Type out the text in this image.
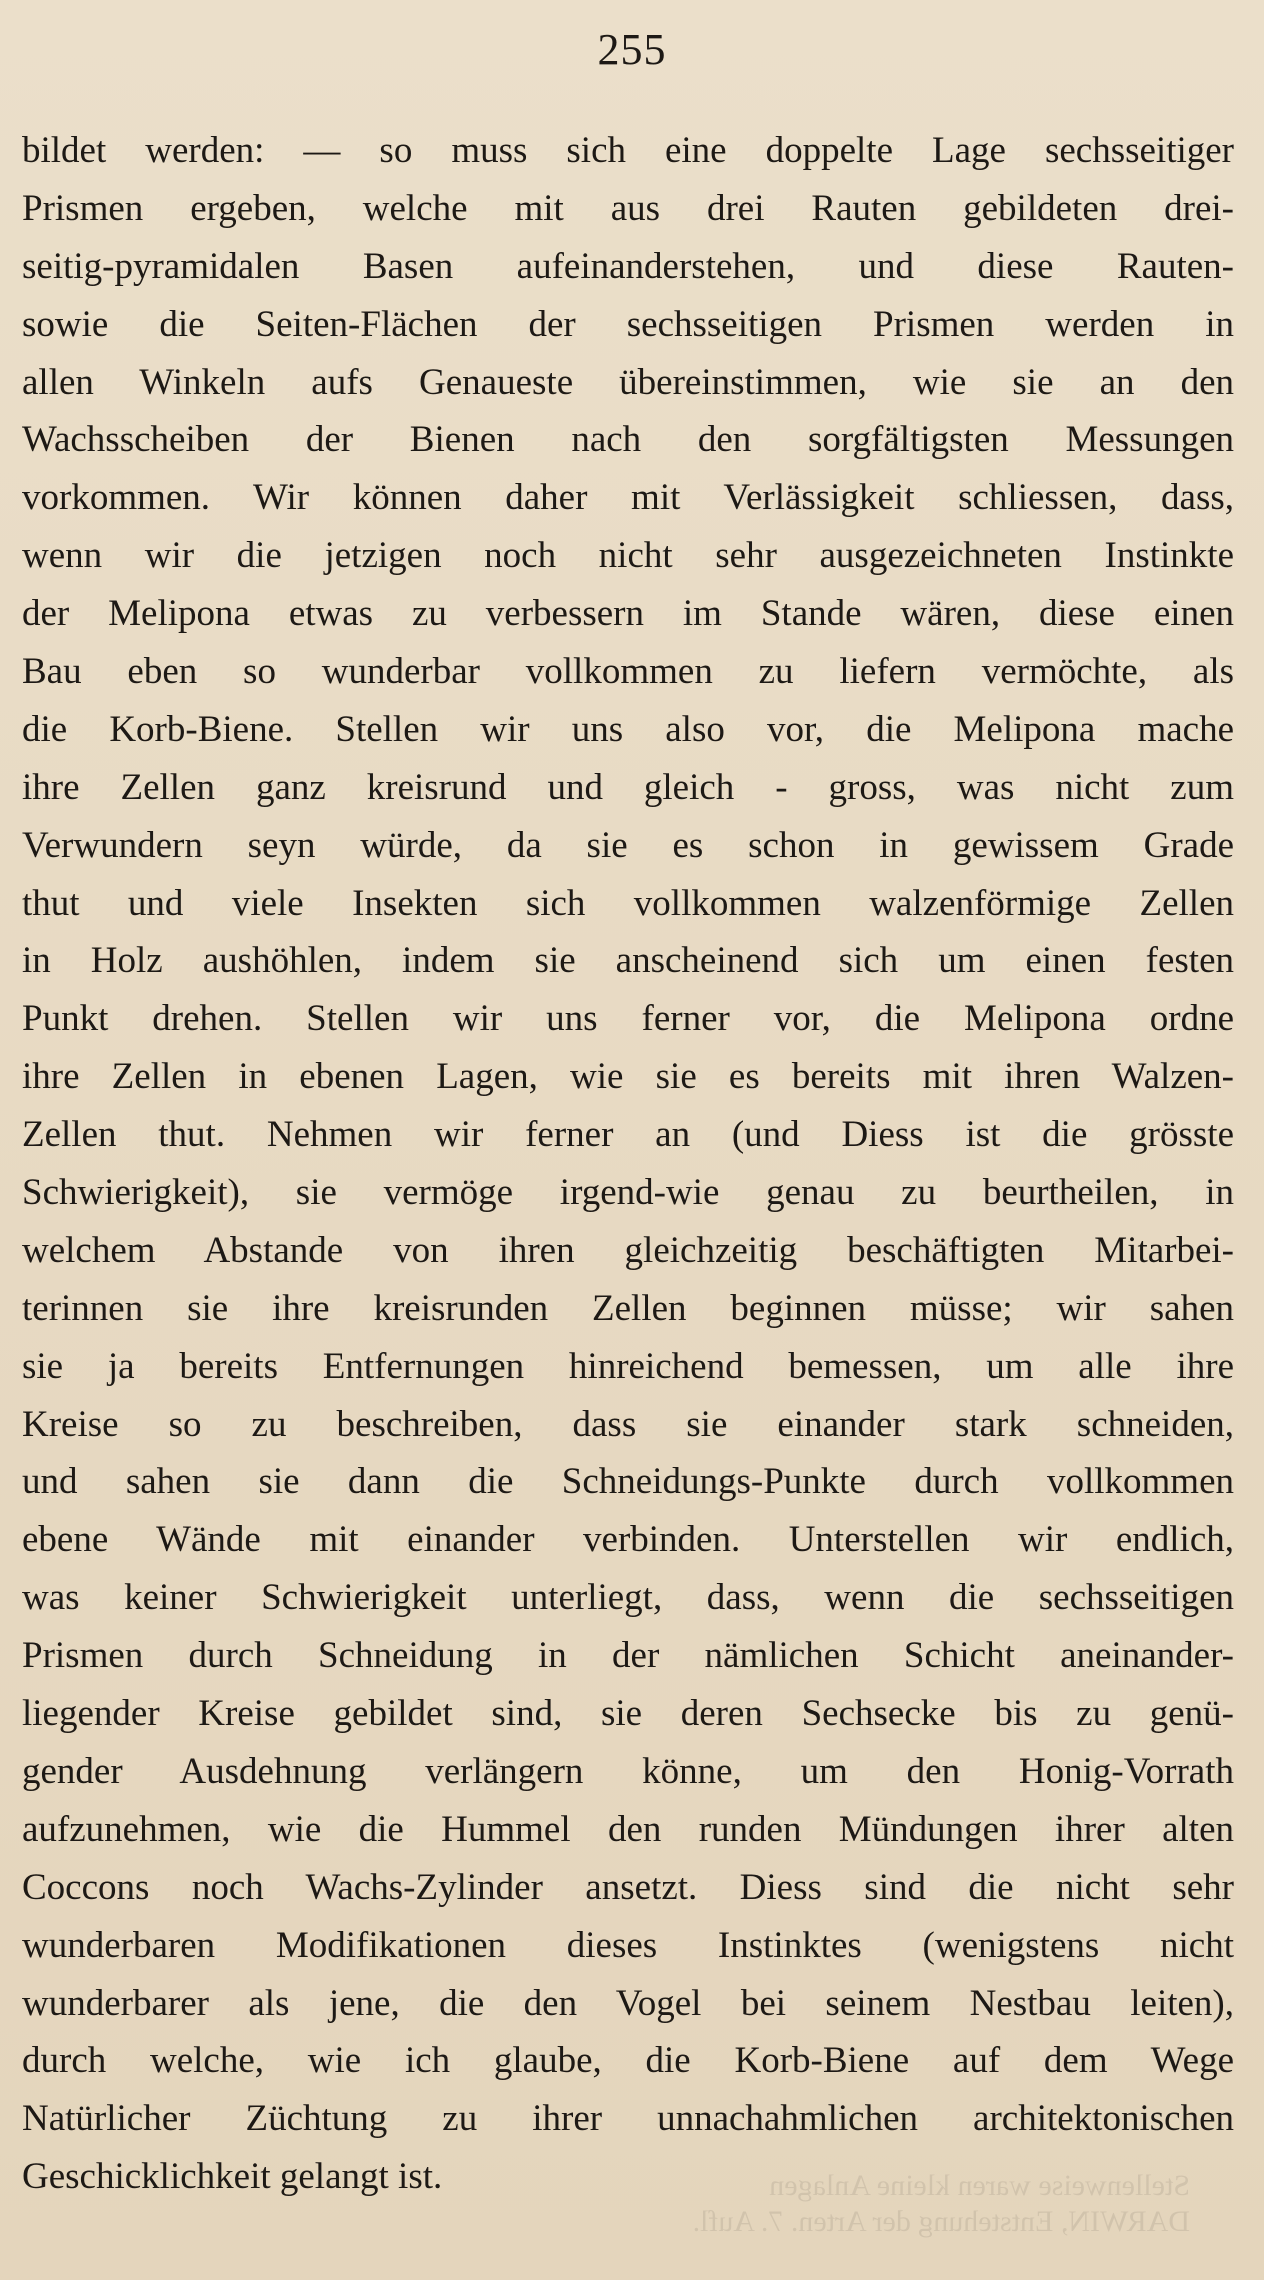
255
bildet werden: — so muss sich eine doppelte Lage sechsseitiger
Prismen ergeben, welche mit aus drei Rauten gebildeten drei-
seitig-pyramidalen Basen aufeinanderstehen, und diese Rauten-
sowie die Seiten-Flächen der sechsseitigen Prismen werden in
allen Winkeln aufs Genaueste übereinstimmen, wie sie an den
Wachsscheiben der Bienen nach den sorgfältigsten Messungen
vorkommen. Wir können daher mit Verlässigkeit schliessen, dass,
wenn wir die jetzigen noch nicht sehr ausgezeichneten Instinkte
der Melipona etwas zu verbessern im Stande wären, diese einen
Bau eben so wunderbar vollkommen zu liefern vermöchte, als
die Korb-Biene. Stellen wir uns also vor, die Melipona mache
ihre Zellen ganz kreisrund und gleich - gross, was nicht zum
Verwundern seyn würde, da sie es schon in gewissem Grade
thut und viele Insekten sich vollkommen walzenförmige Zellen
in Holz aushöhlen, indem sie anscheinend sich um einen festen
Punkt drehen. Stellen wir uns ferner vor, die Melipona ordne
ihre Zellen in ebenen Lagen, wie sie es bereits mit ihren Walzen-
Zellen thut. Nehmen wir ferner an (und Diess ist die grösste
Schwierigkeit), sie vermöge irgend-wie genau zu beurtheilen, in
welchem Abstande von ihren gleichzeitig beschäftigten Mitarbei-
terinnen sie ihre kreisrunden Zellen beginnen müsse; wir sahen
sie ja bereits Entfernungen hinreichend bemessen, um alle ihre
Kreise so zu beschreiben, dass sie einander stark schneiden,
und sahen sie dann die Schneidungs-Punkte durch vollkommen
ebene Wände mit einander verbinden. Unterstellen wir endlich,
was keiner Schwierigkeit unterliegt, dass, wenn die sechsseitigen
Prismen durch Schneidung in der nämlichen Schicht aneinander-
liegender Kreise gebildet sind, sie deren Sechsecke bis zu genü-
gender Ausdehnung verlängern könne, um den Honig-Vorrath
aufzunehmen, wie die Hummel den runden Mündungen ihrer alten
Coccons noch Wachs-Zylinder ansetzt. Diess sind die nicht sehr
wunderbaren Modifikationen dieses Instinktes (wenigstens nicht
wunderbarer als jene, die den Vogel bei seinem Nestbau leiten),
durch welche, wie ich glaube, die Korb-Biene auf dem Wege
Natürlicher Züchtung zu ihrer unnachahmlichen architektonischen
Geschicklichkeit gelangt ist.	Stellenweise waren kleine Anlagen
DARWIN, Entstehung der Arten. 7. Aufl.
